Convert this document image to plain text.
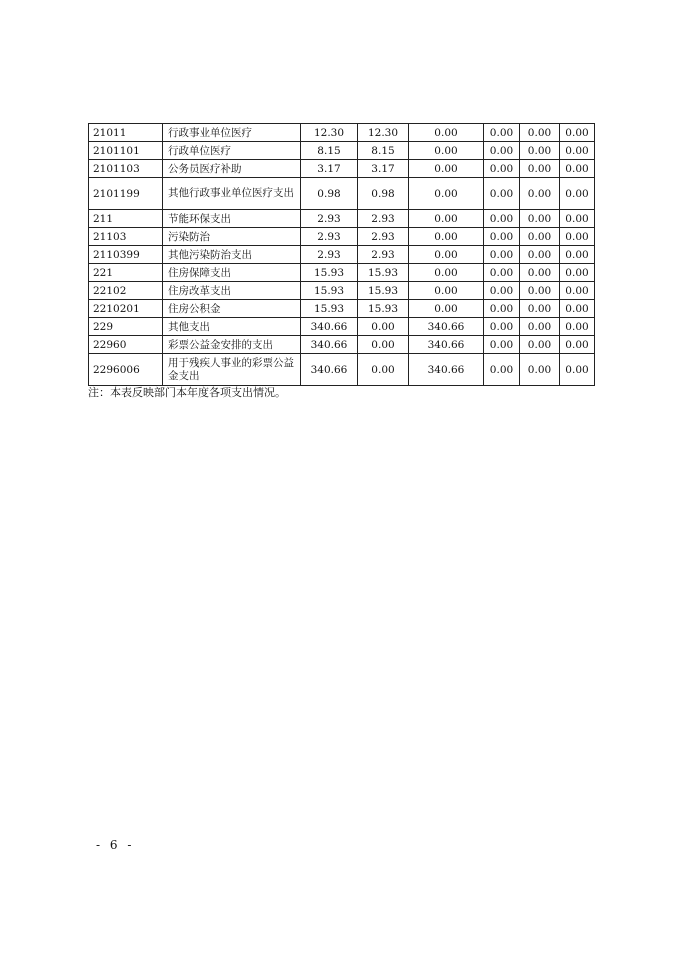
21011	行政事业单位医疗	12.30	12.30	0.00	0.00	0.00	0.00
2101101	行政单位医疗	8.15	8.15	0.00	0.00	0.00	0.00
2101103	公务员医疗补助	3.17	3.17	0.00	0.00	0.00	0.00
2101199	其他行政事业单位医疗支出	0.98	0.98	0.00	0.00	0.00	0.00
211	节能环保支出	2.93	2.93	0.00	0.00	0.00	0.00
21103	污染防治	2.93	2.93	0.00	0.00	0.00	0.00
2110399	其他污染防治支出	2.93	2.93	0.00	0.00	0.00	0.00
221	住房保障支出	15.93	15.93	0.00	0.00	0.00	0.00
22102	住房改革支出	15.93	15.93	0.00	0.00	0.00	0.00
2210201	住房公积金	15.93	15.93	0.00	0.00	0.00	0.00
229	其他支出	340.66	0.00	340.66	0.00	0.00	0.00
22960	彩票公益金安排的支出	340.66	0.00	340.66	0.00	0.00	0.00
2296006	用于残疾人事业的彩票公益金支出	340.66	0.00	340.66	0.00	0.00	0.00
注：本表反映部门本年度各项支出情况。
- 6 -
